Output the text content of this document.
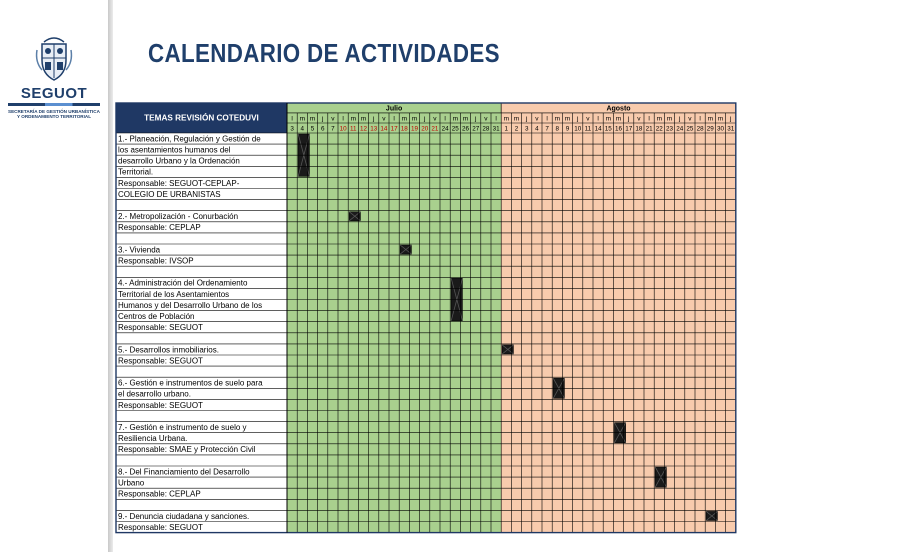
SEGUOT
SECRETARÍA DE GESTIÓN URBANÍSTICA
Y ORDENAMIENTO TERRITORIAL
CALENDARIO DE ACTIVIDADES
TEMAS REVISIÓN COTEDUVI
Julio	Agosto
l
3
m
4
m
5
j
6
v
7
l
10
m
11
m
12
j
13
v
14
l
17
m
18
m
19
j
20
v
21
l
24
m
25
m
26
j
27
v
28
l
31
m
1
m
2
j
3
v
4
l
7
m
8
m
9
j
10
v
11
l
14
m
15
m
16
j
17
v
18
l
21
m
22
m
23
j
24
v
25
l
28
m
29
m
30
j
31
1.- Planeación, Regulación y Gestión de
los asentamientos humanos del
desarrollo Urbano y la Ordenación
Territorial.
Responsable: SEGUOT-CEPLAP-
COLEGIO DE URBANISTAS
2.- Metropolización - Conurbación
Responsable: CEPLAP
3.- Vivienda
Responsable: IVSOP
4.- Administración del Ordenamiento
Territorial de los Asentamientos
Humanos y del Desarrollo Urbano de los
Centros de Población
Responsable: SEGUOT
5.- Desarrollos inmobiliarios.
Responsable: SEGUOT
6.- Gestión e instrumentos de suelo para
el desarrollo urbano.
Responsable: SEGUOT
7.- Gestión e instrumento de suelo y
Resiliencia Urbana.
Responsable: SMAE y Protección Civil
8.- Del Financiamiento del Desarrollo
Urbano
Responsable: CEPLAP
9.- Denuncia ciudadana y sanciones.
Responsable: SEGUOT
